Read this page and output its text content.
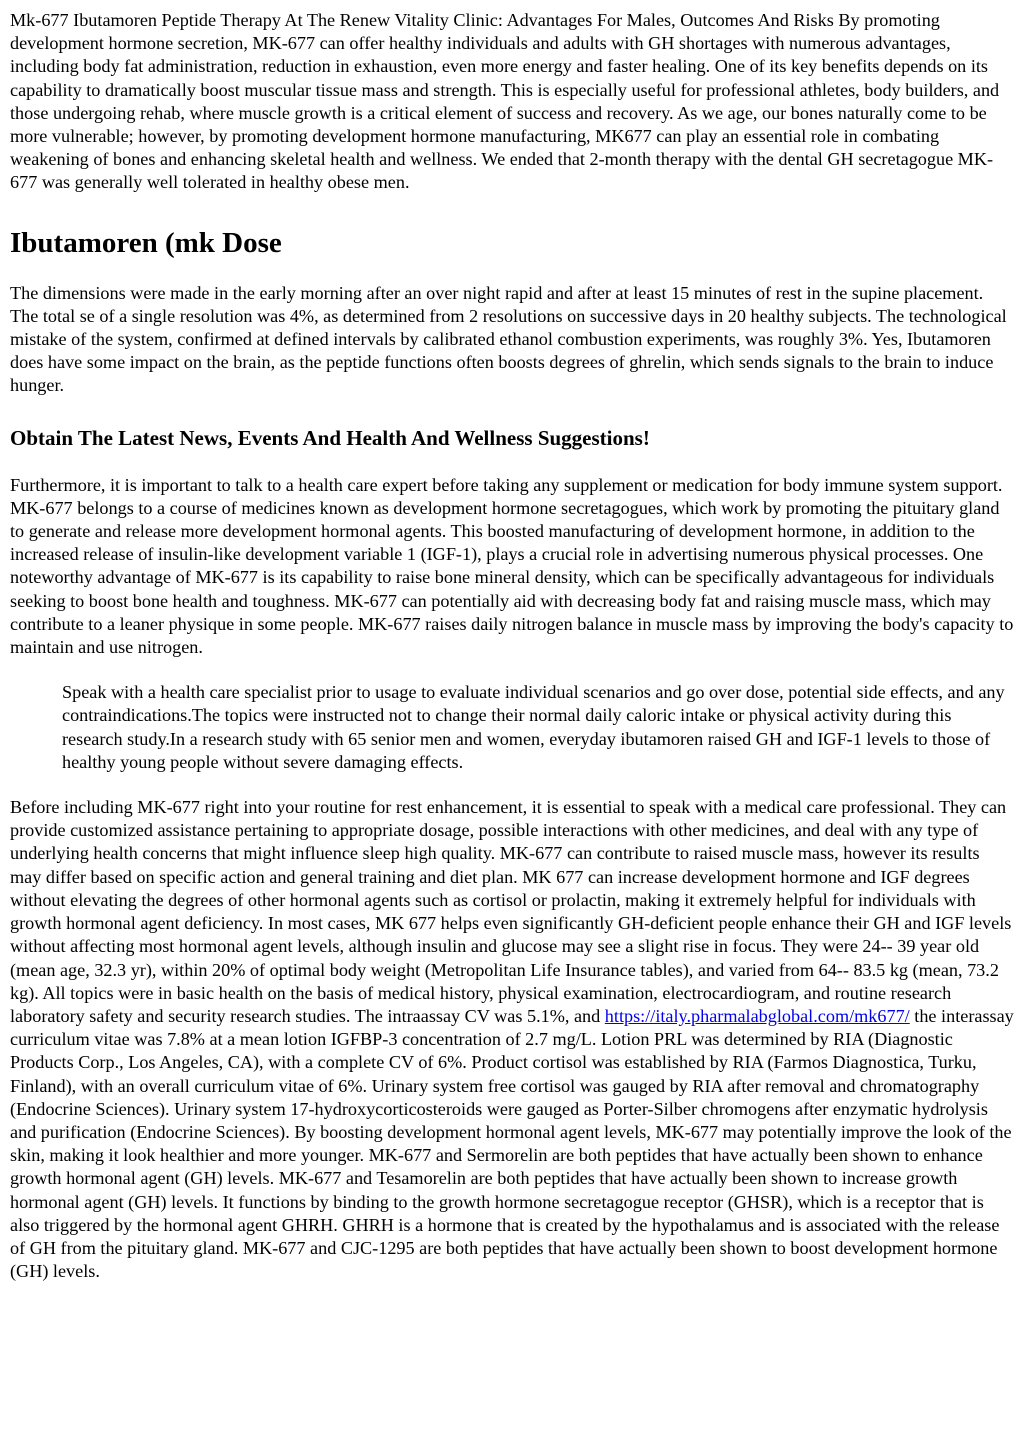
Mk-677 Ibutamoren Peptide Therapy At The Renew Vitality Clinic: Advantages For Males, Outcomes And Risks By promoting development hormone secretion, MK-677 can offer healthy individuals and adults with GH shortages with numerous advantages, including body fat administration, reduction in exhaustion, even more energy and faster healing. One of its key benefits depends on its capability to dramatically boost muscular tissue mass and strength. This is especially useful for professional athletes, body builders, and those undergoing rehab, where muscle growth is a critical element of success and recovery. As we age, our bones naturally come to be more vulnerable; however, by promoting development hormone manufacturing, MK677 can play an essential role in combating weakening of bones and enhancing skeletal health and wellness. We ended that 2-month therapy with the dental GH secretagogue MK-677 was generally well tolerated in healthy obese men.

Ibutamoren (mk Dose

The dimensions were made in the early morning after an over night rapid and after at least 15 minutes of rest in the supine placement. The total se of a single resolution was 4%, as determined from 2 resolutions on successive days in 20 healthy subjects. The technological mistake of the system, confirmed at defined intervals by calibrated ethanol combustion experiments, was roughly 3%. Yes, Ibutamoren does have some impact on the brain, as the peptide functions often boosts degrees of ghrelin, which sends signals to the brain to induce hunger.

Obtain The Latest News, Events And Health And Wellness Suggestions!

Furthermore, it is important to talk to a health care expert before taking any supplement or medication for body immune system support. MK-677 belongs to a course of medicines known as development hormone secretagogues, which work by promoting the pituitary gland to generate and release more development hormonal agents. This boosted manufacturing of development hormone, in addition to the increased release of insulin-like development variable 1 (IGF-1), plays a crucial role in advertising numerous physical processes. One noteworthy advantage of MK-677 is its capability to raise bone mineral density, which can be specifically advantageous for individuals seeking to boost bone health and toughness. MK-677 can potentially aid with decreasing body fat and raising muscle mass, which may contribute to a leaner physique in some people. MK-677 raises daily nitrogen balance in muscle mass by improving the body's capacity to maintain and use nitrogen.

Speak with a health care specialist prior to usage to evaluate individual scenarios and go over dose, potential side effects, and any contraindications.The topics were instructed not to change their normal daily caloric intake or physical activity during this research study.In a research study with 65 senior men and women, everyday ibutamoren raised GH and IGF-1 levels to those of healthy young people without severe damaging effects.

Before including MK-677 right into your routine for rest enhancement, it is essential to speak with a medical care professional. They can provide customized assistance pertaining to appropriate dosage, possible interactions with other medicines, and deal with any type of underlying health concerns that might influence sleep high quality. MK-677 can contribute to raised muscle mass, however its results may differ based on specific action and general training and diet plan. MK 677 can increase development hormone and IGF degrees without elevating the degrees of other hormonal agents such as cortisol or prolactin, making it extremely helpful for individuals with growth hormonal agent deficiency. In most cases, MK 677 helps even significantly GH-deficient people enhance their GH and IGF levels without affecting most hormonal agent levels, although insulin and glucose may see a slight rise in focus. They were 24-- 39 year old (mean age, 32.3 yr), within 20% of optimal body weight (Metropolitan Life Insurance tables), and varied from 64-- 83.5 kg (mean, 73.2 kg). All topics were in basic health on the basis of medical history, physical examination, electrocardiogram, and routine research laboratory safety and security research studies. The intraassay CV was 5.1%, and https://italy.pharmalabglobal.com/mk677/ the interassay curriculum vitae was 7.8% at a mean lotion IGFBP-3 concentration of 2.7 mg/L. Lotion PRL was determined by RIA (Diagnostic Products Corp., Los Angeles, CA), with a complete CV of 6%. Product cortisol was established by RIA (Farmos Diagnostica, Turku, Finland), with an overall curriculum vitae of 6%. Urinary system free cortisol was gauged by RIA after removal and chromatography (Endocrine Sciences). Urinary system 17-hydroxycorticosteroids were gauged as Porter-Silber chromogens after enzymatic hydrolysis and purification (Endocrine Sciences). By boosting development hormonal agent levels, MK-677 may potentially improve the look of the skin, making it look healthier and more younger. MK-677 and Sermorelin are both peptides that have actually been shown to enhance growth hormonal agent (GH) levels. MK-677 and Tesamorelin are both peptides that have actually been shown to increase growth hormonal agent (GH) levels. It functions by binding to the growth hormone secretagogue receptor (GHSR), which is a receptor that is also triggered by the hormonal agent GHRH. GHRH is a hormone that is created by the hypothalamus and is associated with the release of GH from the pituitary gland. MK-677 and CJC-1295 are both peptides that have actually been shown to boost development hormone (GH) levels.
